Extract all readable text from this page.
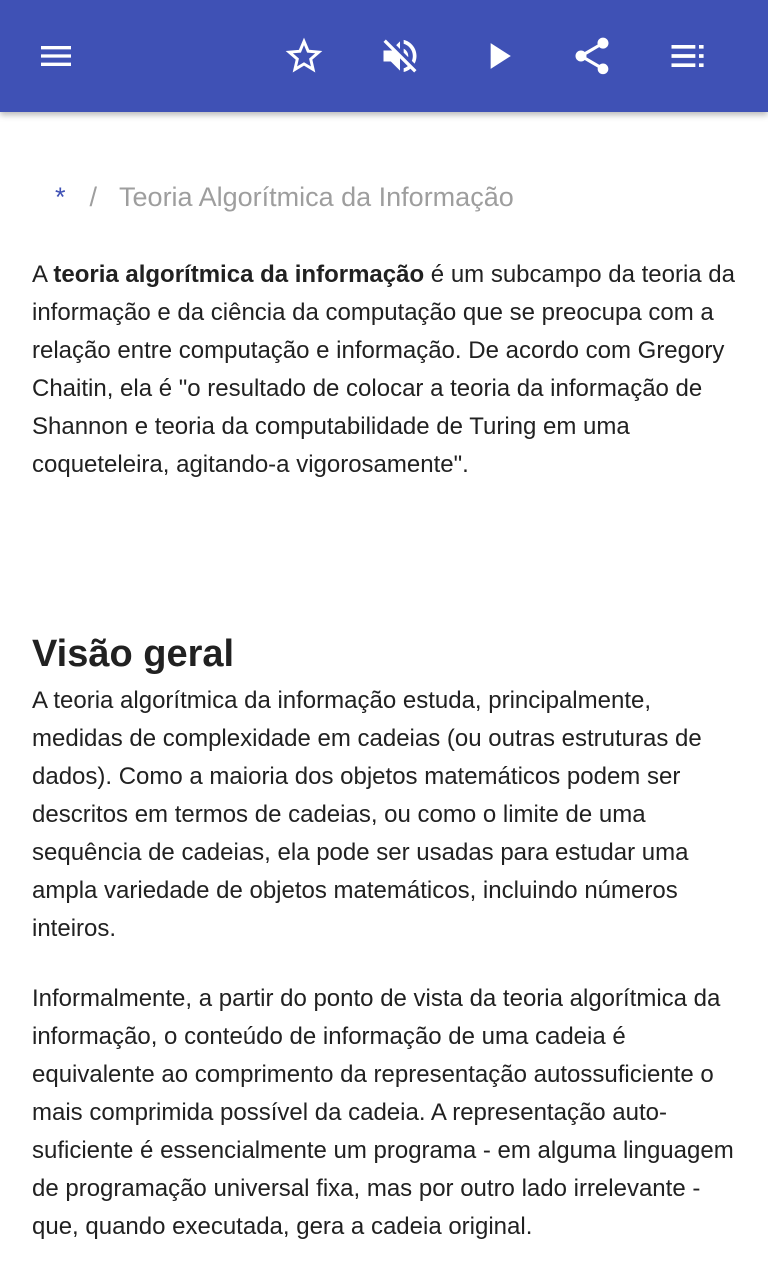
* / Teoria Algorítmica da Informação

A teoria algorítmica da informação é um subcampo da teoria da informação e da ciência da computação que se preocupa com a relação entre computação e informação. De acordo com Gregory Chaitin, ela é "o resultado de colocar a teoria da informação de Shannon e teoria da computabilidade de Turing em uma coqueteleira, agitando-a vigorosamente".

Visão geral

A teoria algorítmica da informação estuda, principalmente, medidas de complexidade em cadeias (ou outras estruturas de dados). Como a maioria dos objetos matemáticos podem ser descritos em termos de cadeias, ou como o limite de uma sequência de cadeias, ela pode ser usadas para estudar uma ampla variedade de objetos matemáticos, incluindo números inteiros.

Informalmente, a partir do ponto de vista da teoria algorítmica da informação, o conteúdo de informação de uma cadeia é equivalente ao comprimento da representação autossuficiente o mais comprimida possível da cadeia. A representação auto-suficiente é essencialmente um programa - em alguma linguagem de programação universal fixa, mas por outro lado irrelevante - que, quando executada, gera a cadeia original.
